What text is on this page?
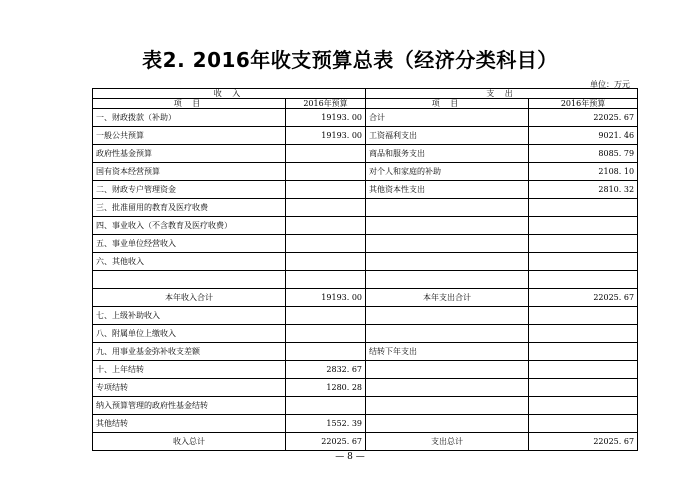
表2. 2016年收支预算总表（经济分类科目）
单位：万元
收 入		支 出	
项 目	2016年预算	项 目	2016年预算
一、财政拨款（补助）	19193. 00	合计	22025. 67
一般公共预算	19193. 00	工资福利支出	9021. 46
政府性基金预算		商品和服务支出	8085. 79
国有资本经营预算		对个人和家庭的补助	2108. 10
二、财政专户管理资金		其他资本性支出	2810. 32
三、批准留用的教育及医疗收费			
四、事业收入（不含教育及医疗收费）			
五、事业单位经营收入			
六、其他收入			

本年收入合计	19193. 00	本年支出合计	22025. 67
七、上级补助收入			
八、附属单位上缴收入			
九、用事业基金弥补收支差额		结转下年支出	
十、上年结转	2832. 67		
专项结转	1280. 28		
纳入预算管理的政府性基金结转			
其他结转	1552. 39		
收入总计	22025. 67	支出总计	22025. 67
— 8 —
